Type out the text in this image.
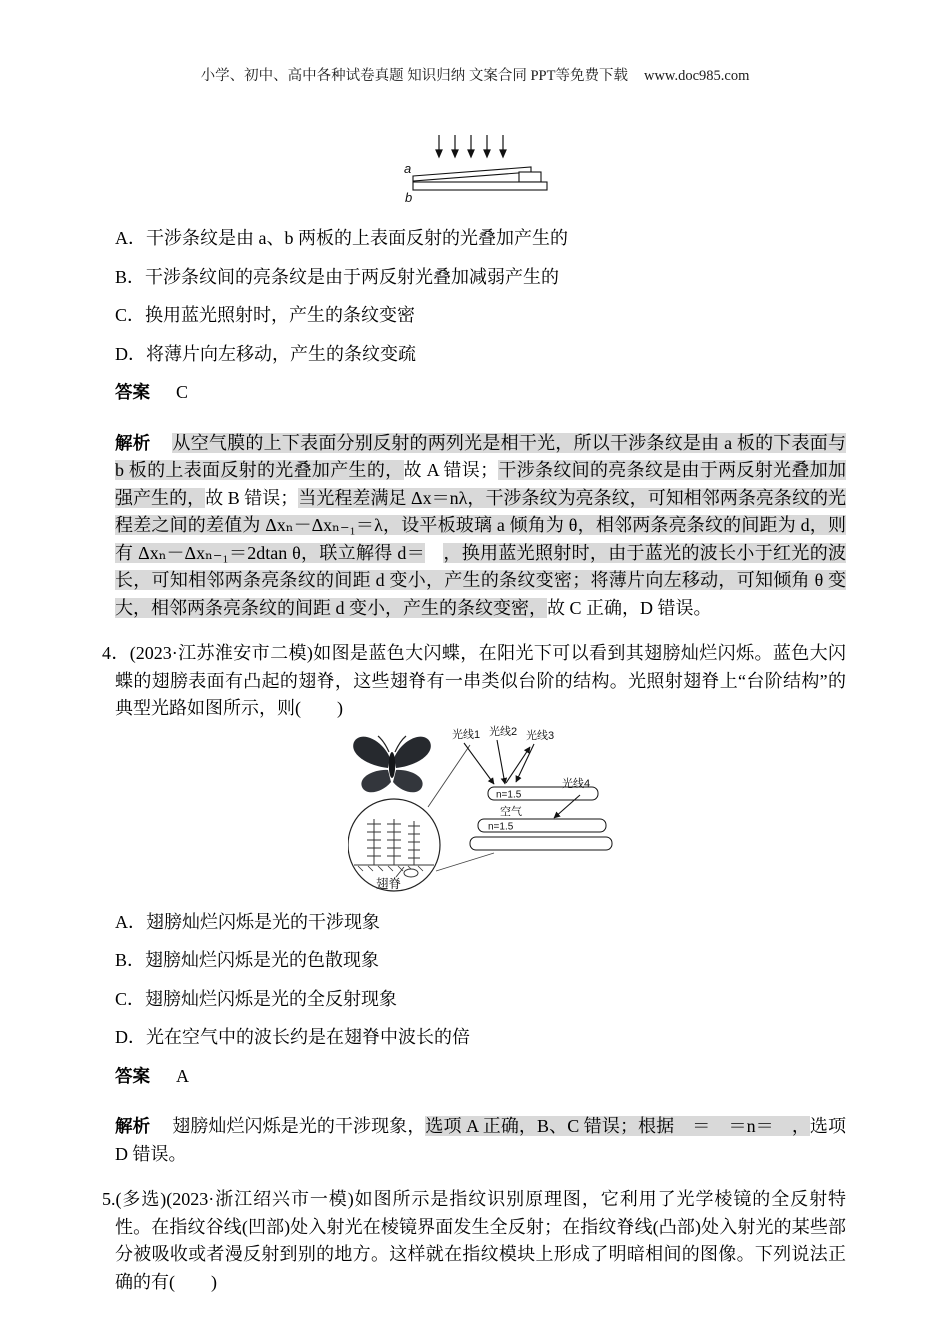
小学、初中、高中各种试卷真题 知识归纳 文案合同 PPT等免费下载 www.doc985.com
a
b
A．干涉条纹是由 a、b 两板的上表面反射的光叠加产生的
B．干涉条纹间的亮条纹是由于两反射光叠加减弱产生的
C．换用蓝光照射时，产生的条纹变密
D．将薄片向左移动，产生的条纹变疏
答案 C

解析 从空气膜的上下表面分别反射的两列光是相干光，所以干涉条纹是由 a 板的下表面与 b 板的上表面反射的光叠加产生的，故 A 错误；干涉条纹间的亮条纹是由于两反射光叠加加强产生的，故 B 错误；当光程差满足 Δx＝nλ，干涉条纹为亮条纹，可知相邻两条亮条纹的光程差之间的差值为 Δxₙ－Δxₙ₋₁＝λ，设平板玻璃 a 倾角为 θ，相邻两条亮条纹的间距为 d，则有 Δxₙ－Δxₙ₋₁＝2dtan θ，联立解得 d＝　 ，换用蓝光照射时，由于蓝光的波长小于红光的波长，可知相邻两条亮条纹的间距 d 变小，产生的条纹变密；将薄片向左移动，可知倾角 θ 变大，相邻两条亮条纹的间距 d 变小，产生的条纹变密，故 C 正确，D 错误。

4．(2023·江苏淮安市二模)如图是蓝色大闪蝶，在阳光下可以看到其翅膀灿烂闪烁。蓝色大闪蝶的翅膀表面有凸起的翅脊，这些翅脊有一串类似台阶的结构。光照射翅脊上“台阶结构”的典型光路如图所示，则(　　)

翅脊
n=1.5
空气
n=1.5
光线1 光线2 光线3
光线4
A．翅膀灿烂闪烁是光的干涉现象
B．翅膀灿烂闪烁是光的色散现象
C．翅膀灿烂闪烁是光的全反射现象
D．光在空气中的波长约是在翅脊中波长的倍
答案 A

解析 翅膀灿烂闪烁是光的干涉现象，选项 A 正确，B、C 错误；根据　＝　＝n＝　，选项 D 错误。

5.(多选)(2023·浙江绍兴市一模)如图所示是指纹识别原理图，它利用了光学棱镜的全反射特性。在指纹谷线(凹部)处入射光在棱镜界面发生全反射；在指纹脊线(凸部)处入射光的某些部分被吸收或者漫反射到别的地方。这样就在指纹模块上形成了明暗相间的图像。下列说法正确的有(　　)
